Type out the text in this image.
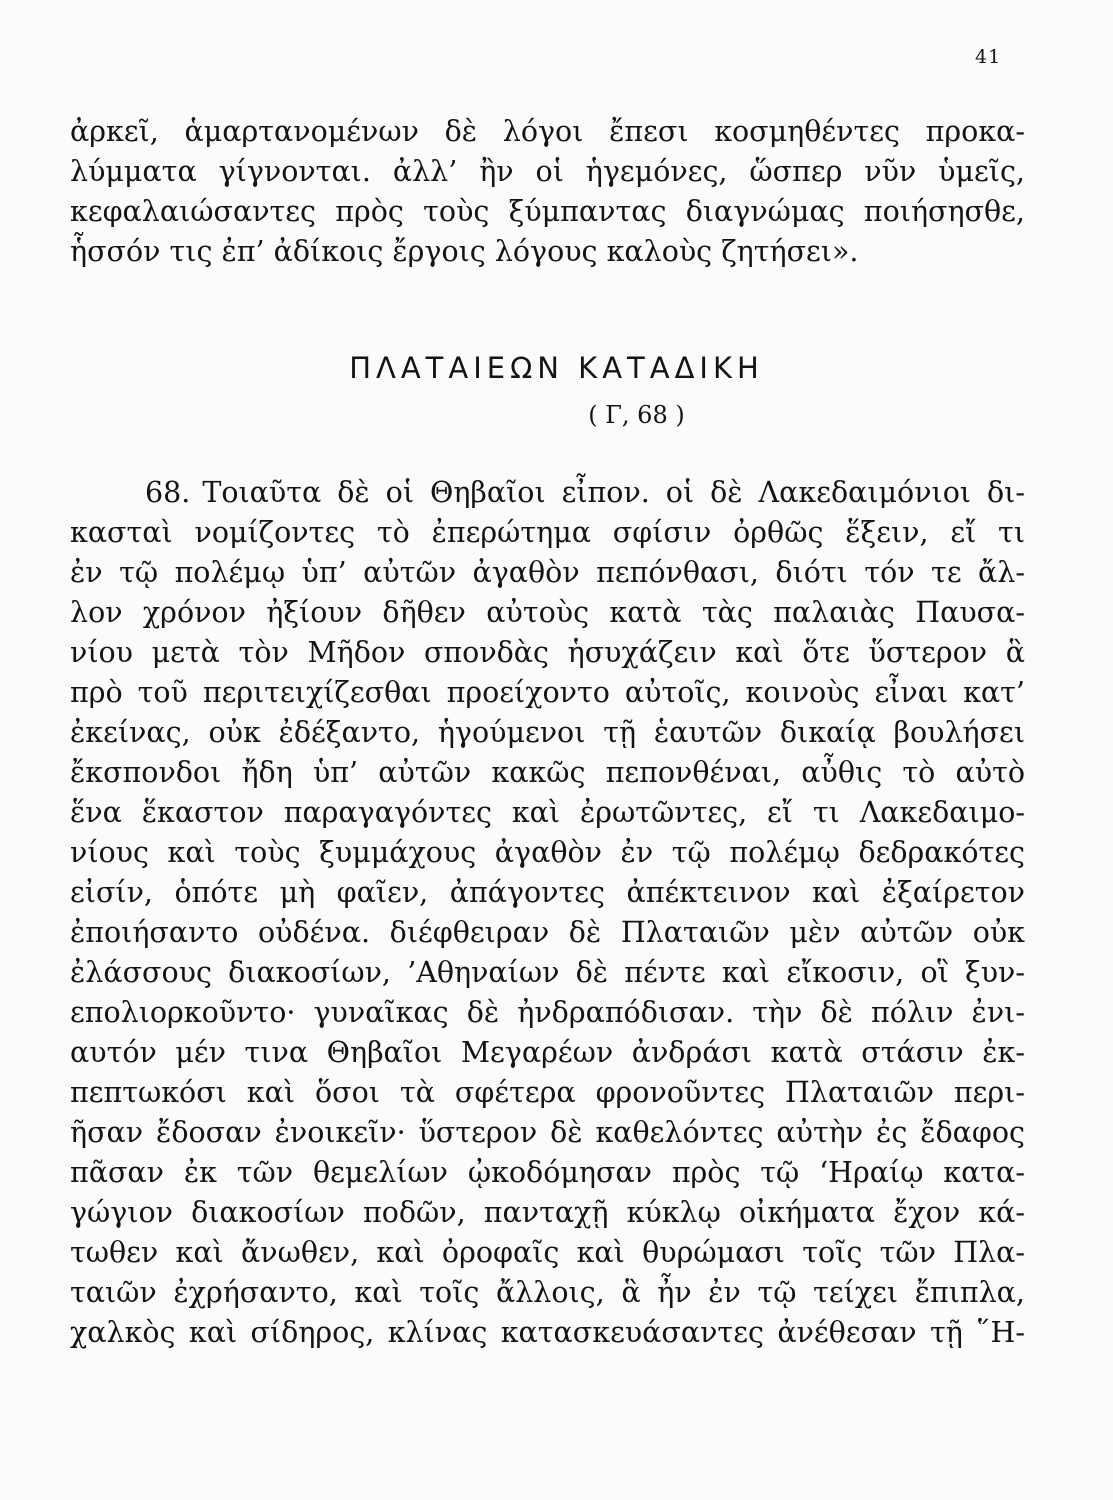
41
ἀρκεῖ, ἁμαρτανομένων δὲ λόγοι ἔπεσι κοσμηθέντες προκα-
λύμματα γίγνονται. ἀλλ’ ἢν οἱ ἡγεμόνες, ὥσπερ νῦν ὑμεῖς,
κεφαλαιώσαντες πρὸς τοὺς ξύμπαντας διαγνώμας ποιήσησθε,
ἧσσόν τις ἐπ’ ἀδίκοις ἔργοις λόγους καλοὺς ζητήσει».
ΠΛΑΤΑΙΕΩΝ ΚΑΤΑΔΙΚΗ
( Γ, 68 )
68. Τοιαῦτα δὲ οἱ Θηβαῖοι εἶπον. οἱ δὲ Λακεδαιμόνιοι δι-
κασταὶ νομίζοντες τὸ ἐπερώτημα σφίσιν ὀρθῶς ἕξειν, εἴ τι
ἐν τῷ πολέμῳ ὑπ’ αὐτῶν ἀγαθὸν πεπόνθασι, διότι τόν τε ἄλ-
λον χρόνον ἠξίουν δῆθεν αὐτοὺς κατὰ τὰς παλαιὰς Παυσα-
νίου μετὰ τὸν Μῆδον σπονδὰς ἡσυχάζειν καὶ ὅτε ὕστερον ἃ
πρὸ τοῦ περιτειχίζεσθαι προείχοντο αὐτοῖς, κοινοὺς εἶναι κατ’
ἐκείνας, οὐκ ἐδέξαντο, ἡγούμενοι τῇ ἑαυτῶν δικαίᾳ βουλήσει
ἔκσπονδοι ἤδη ὑπ’ αὐτῶν κακῶς πεπονθέναι, αὖθις τὸ αὐτὸ
ἕνα ἕκαστον παραγαγόντες καὶ ἐρωτῶντες, εἴ τι Λακεδαιμο-
νίους καὶ τοὺς ξυμμάχους ἀγαθὸν ἐν τῷ πολέμῳ δεδρακότες
εἰσίν, ὁπότε μὴ φαῖεν, ἀπάγοντες ἀπέκτεινον καὶ ἐξαίρετον
ἐποιήσαντο οὐδένα. διέφθειραν δὲ Πλαταιῶν μὲν αὐτῶν οὐκ
ἐλάσσους διακοσίων, ’Αθηναίων δὲ πέντε καὶ εἴκοσιν, οἳ ξυν-
επολιορκοῦντο· γυναῖκας δὲ ἠνδραπόδισαν. τὴν δὲ πόλιν ἐνι-
αυτόν μέν τινα Θηβαῖοι Μεγαρέων ἀνδράσι κατὰ στάσιν ἐκ-
πεπτωκόσι καὶ ὅσοι τὰ σφέτερα φρονοῦντες Πλαταιῶν περι-
ῆσαν ἔδοσαν ἐνοικεῖν· ὕστερον δὲ καθελόντες αὐτὴν ἐς ἔδαφος
πᾶσαν ἐκ τῶν θεμελίων ᾠκοδόμησαν πρὸς τῷ ‘Ηραίῳ κατα-
γώγιον διακοσίων ποδῶν, πανταχῇ κύκλῳ οἰκήματα ἔχον κά-
τωθεν καὶ ἄνωθεν, καὶ ὀροφαῖς καὶ θυρώμασι τοῖς τῶν Πλα-
ταιῶν ἐχρήσαντο, καὶ τοῖς ἄλλοις, ἃ ἦν ἐν τῷ τείχει ἔπιπλα,
χαλκὸς καὶ σίδηρος, κλίνας κατασκευάσαντες ἀνέθεσαν τῇ ῞Η-
